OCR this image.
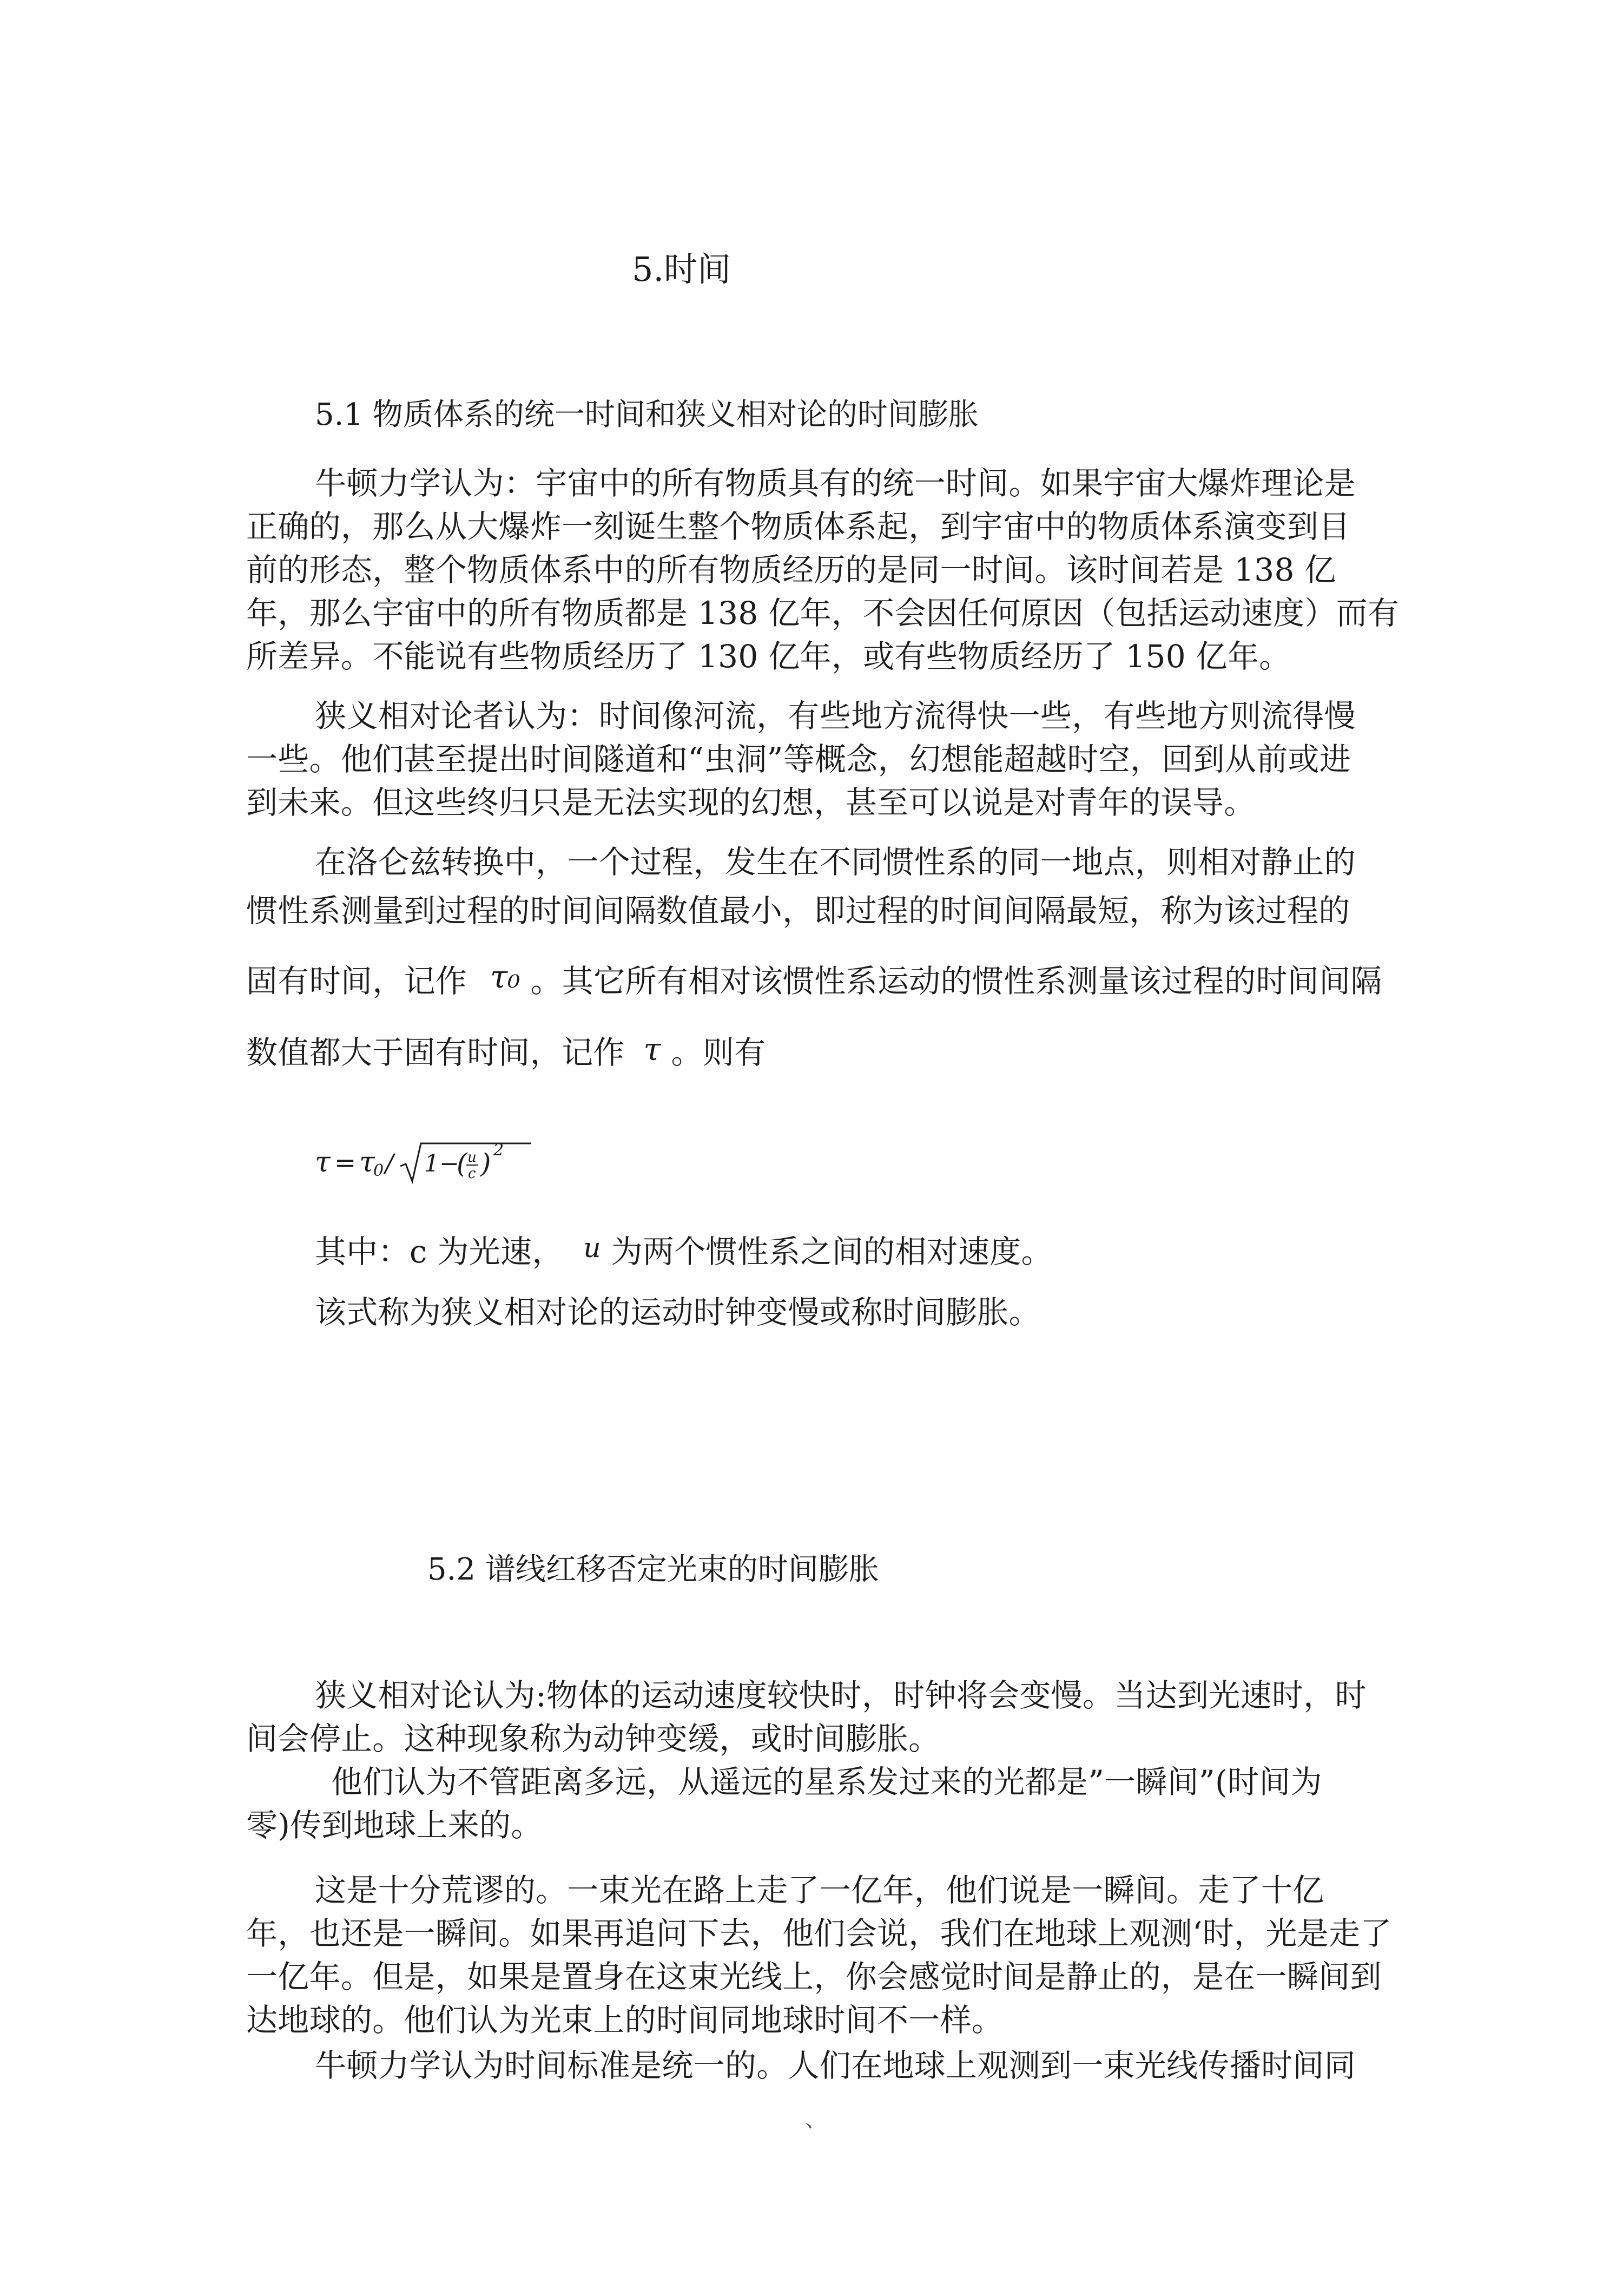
5.时间
5.1 物质体系的统一时间和狭义相对论的时间膨胀
牛顿力学认为：宇宙中的所有物质具有的统一时间。如果宇宙大爆炸理论是
正确的，那么从大爆炸一刻诞生整个物质体系起，到宇宙中的物质体系演变到目
前的形态，整个物质体系中的所有物质经历的是同一时间。该时间若是 138 亿
年，那么宇宙中的所有物质都是 138 亿年，不会因任何原因（包括运动速度）而有
所差异。不能说有些物质经历了 130 亿年，或有些物质经历了 150 亿年。
狭义相对论者认为：时间像河流，有些地方流得快一些，有些地方则流得慢
一些。他们甚至提出时间隧道和“虫洞”等概念，幻想能超越时空，回到从前或进
到未来。但这些终归只是无法实现的幻想，甚至可以说是对青年的误导。
在洛仑兹转换中，一个过程，发生在不同惯性系的同一地点，则相对静止的
惯性系测量到过程的时间间隔数值最小，即过程的时间间隔最短，称为该过程的
固有时间，记作 τ₀ 。其它所有相对该惯性系运动的惯性系测量该过程的时间间隔
数值都大于固有时间，记作 τ 。则有
τ = τ
0 / 1 −
( u
c ) 2
其中：c 为光速， u 为两个惯性系之间的相对速度。
该式称为狭义相对论的运动时钟变慢或称时间膨胀。
5.2 谱线红移否定光束的时间膨胀
狭义相对论认为:物体的运动速度较快时，时钟将会变慢。当达到光速时，时
间会停止。这种现象称为动钟变缓，或时间膨胀。
他们认为不管距离多远，从遥远的星系发过来的光都是”一瞬间”(时间为
零)传到地球上来的。
这是十分荒谬的。一束光在路上走了一亿年，他们说是一瞬间。走了十亿
年，也还是一瞬间。如果再追问下去，他们会说，我们在地球上观测‘时，光是走了
一亿年。但是，如果是置身在这束光线上，你会感觉时间是静止的，是在一瞬间到
达地球的。他们认为光束上的时间同地球时间不一样。
牛顿力学认为时间标准是统一的。人们在地球上观测到一束光线传播时间同
、
